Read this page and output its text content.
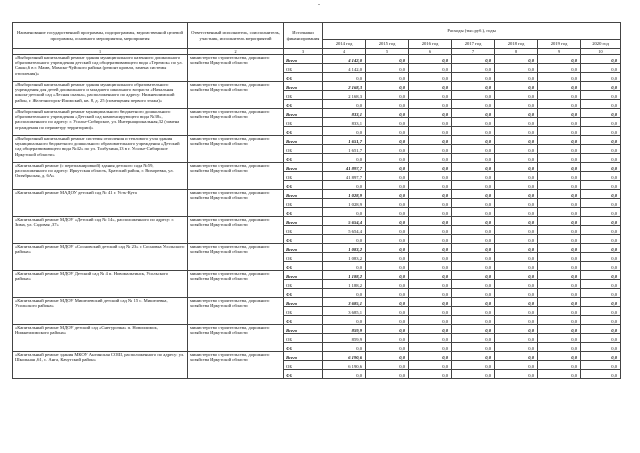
-
Наименование государственной программы, подпрограммы, ведомственной целевой программы, основного мероприятия, мероприятия	Ответственный исполнитель, соисполнитель, участник, исполнитель мероприятий	Источники финансирования	Расходы (тыс.руб.), годы						
			2014 год	2015 год	2016 год	2017 год	2018 год	2019 год	2020 год
1	2	3	4	5	6	7	8	9	10
«Выборочный капитальный ремонт здания муниципального казенного дошкольного образовательного учреждения детский сад общеразвивающего вида «Теремок» по ул. Сакко,6 в г. Мамв, Мамско-Чуйского района (ремонт кровли, замена системы отопления)»	министерство строительства, дорожного хозяйства Иркутской области	Всего	4 142,0	0,0	0,0	0,0	0,0	0,0	0,0
		ОБ	4 142,0	0,0	0,0	0,0	0,0	0,0	0,0
		ФБ	0,0	0,0	0,0	0,0	0,0	0,0	0,0
«Выборочный капитальный ремонт здания муниципального образовательного учреждения для детей дошкольного и младшего школьного возраста «Начальная школа-детский сад «Лесная сказка», расположенного по адресу: Нижнеилимский район, г. Железногорск-Илимский, кв. 8, д. 25 (помещения первого этажа)»	министерство строительства, дорожного хозяйства Иркутской области	Всего	2 168,3	0,0	0,0	0,0	0,0	0,0	0,0
		ОБ	2 168,3	0,0	0,0	0,0	0,0	0,0	0,0
		ФБ	0,0	0,0	0,0	0,0	0,0	0,0	0,0
«Выборочный капитальный ремонт муниципального бюджетного дошкольного образовательного учреждения «Детский сад компенсирующего вида №38», расположенного по адресу: г. Усолье-Сибирское, ул. Интернациональная,32 (замена ограждения по периметру территории)»	министерство строительства, дорожного хозяйства Иркутской области	Всего	833,1	0,0	0,0	0,0	0,0	0,0	0,0
		ОБ	833,1	0,0	0,0	0,0	0,0	0,0	0,0
		ФБ	0,0	0,0	0,0	0,0	0,0	0,0	0,0
«Выборочный капитальный ремонт системы отопления и теплового узла здания муниципального бюджетного дошкольного образовательного учреждения «Детский сад общеразвивающего вида №42» по ул. Толбухина,13 в г. Усолье-Сибирское Иркутской области»	министерство строительства, дорожного хозяйства Иркутской области	Всего	1 651,7	0,0	0,0	0,0	0,0	0,0	0,0
		ОБ	1 651,7	0,0	0,0	0,0	0,0	0,0	0,0
		ФБ	0,0	0,0	0,0	0,0	0,0	0,0	0,0
«Капитальный ремонт (с перепланировкой) здания детского сада №59, расположенного по адресу: Иркутская область, Братский район, г. Вихоревка, ул. Октябрьская, д. 6А»	министерство строительства, дорожного хозяйства Иркутской области	Всего	41 897,7	0,0	0,0	0,0	0,0	0,0	0,0
		ОБ	41 897,7	0,0	0,0	0,0	0,0	0,0	0,0
		ФБ	0,0	0,0	0,0	0,0	0,0	0,0	0,0
«Капитальный ремонт МАДОУ детский сад № 41 г. Усть-Кута	министерство строительства, дорожного хозяйства Иркутской области	Всего	1 028,9	0,0	0,0	0,0	0,0	0,0	0,0
		ОБ	1 028,9	0,0	0,0	0,0	0,0	0,0	0,0
		ФБ	0,0	0,0	0,0	0,0	0,0	0,0	0,0
«Капитальный ремонт МДОУ «Детский сад № 14», расположенного по адресу: г. Зима, ул. Садовая ,37»	министерство строительства, дорожного хозяйства Иркутской области	Всего	5 654,4	0,0	0,0	0,0	0,0	0,0	0,0
		ОБ	5 654,4	0,0	0,0	0,0	0,0	0,0	0,0
		ФБ	0,0	0,0	0,0	0,0	0,0	0,0	0,0
«Капитальный ремонт МДОУ «Сосновский детский сад № 23» с Сосновка Усольского района»	министерство строительства, дорожного хозяйства Иркутской области	Всего	1 083,2	0,0	0,0	0,0	0,0	0,0	0,0
		ОБ	1 083,2	0,0	0,0	0,0	0,0	0,0	0,0
		ФБ	0,0	0,0	0,0	0,0	0,0	0,0	0,0
«Капитальный ремонт МДОУ Детский сад № 4 п. Новомальтинск, Усольского района»	министерство строительства, дорожного хозяйства Иркутской области	Всего	1 188,2	0,0	0,0	0,0	0,0	0,0	0,0
		ОБ	1 188,2	0,0	0,0	0,0	0,0	0,0	0,0
		ФБ	0,0	0,0	0,0	0,0	0,0	0,0	0,0
«Капитальный ремонт МДОУ Мишелевский детский сад № 15 с. Мишелевка, Усольского района»	министерство строительства, дорожного хозяйства Иркутской области	Всего	3 685,1	0,0	0,0	0,0	0,0	0,0	0,0
		ОБ	3 685,1	0,0	0,0	0,0	0,0	0,0	0,0
		ФБ	0,0	0,0	0,0	0,0	0,0	0,0	0,0
«Капитальный ремонт МДОУ детский сад «Снегурочка» п. Новоилимск, Нижнеилимского района»	министерство строительства, дорожного хозяйства Иркутской области	Всего	859,9	0,0	0,0	0,0	0,0	0,0	0,0
		ОБ	859,9	0,0	0,0	0,0	0,0	0,0	0,0
		ФБ	0,0	0,0	0,0	0,0	0,0	0,0	0,0
«Капитальный ремонт здания МКОУ Ангинская СОШ, расположенного по адресу: ул. Школьная ,61, с. Анга, Качугский район»	министерство строительства, дорожного хозяйства Иркутской области	Всего	6 190,6	0,0	0,0	0,0	0,0	0,0	0,0
		ОБ	6 190,6	0,0	0,0	0,0	0,0	0,0	0,0
		ФБ	0,0	0,0	0,0	0,0	0,0	0,0	0,0
